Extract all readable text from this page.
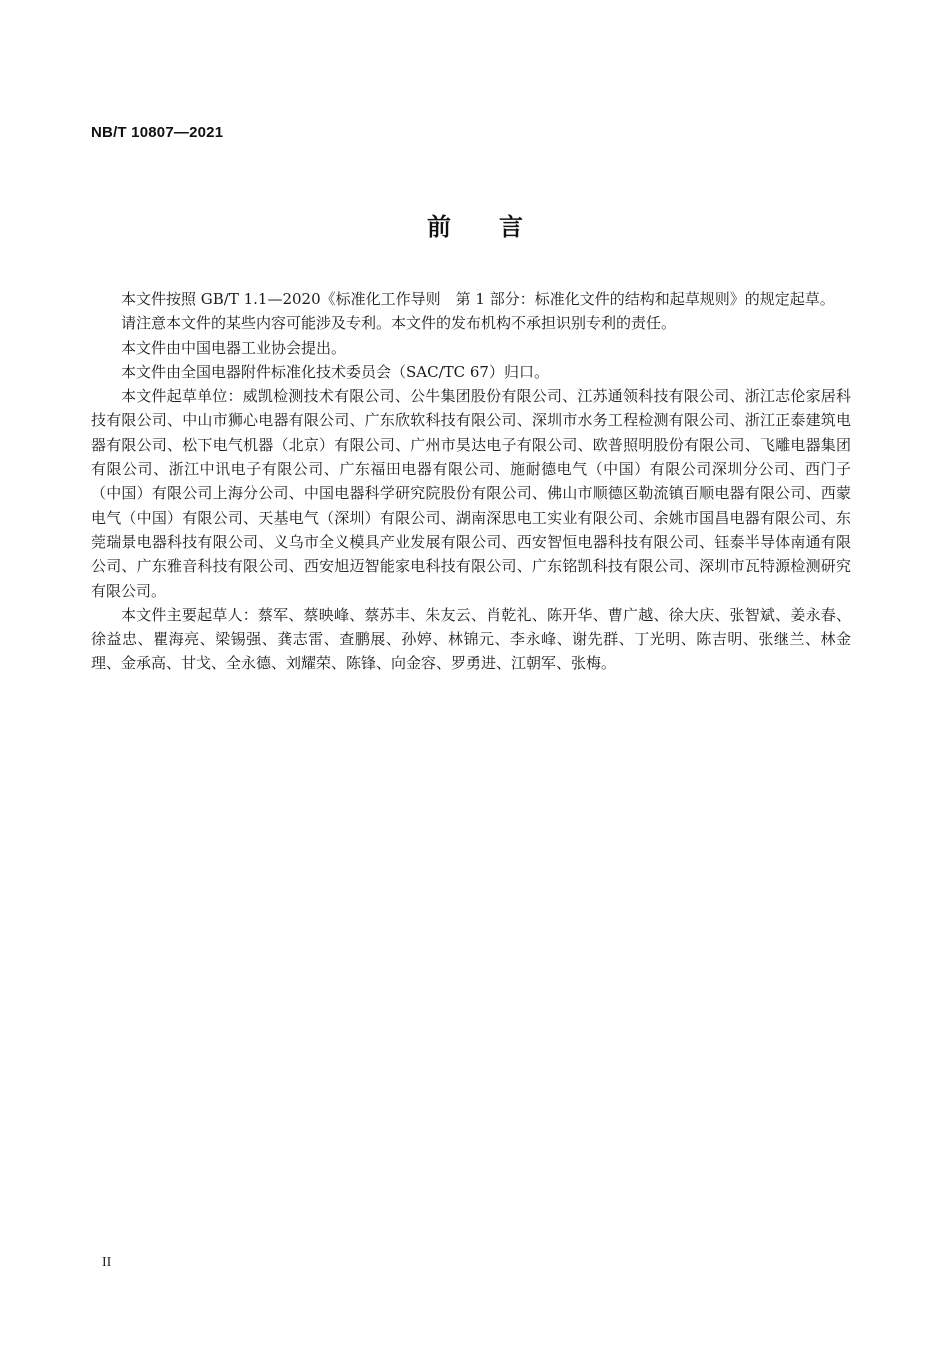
NB/T 10807—2021
前言

本文件按照 GB/T 1.1—2020《标准化工作导则　第 1 部分：标准化文件的结构和起草规则》的规定起草。

请注意本文件的某些内容可能涉及专利。本文件的发布机构不承担识别专利的责任。

本文件由中国电器工业协会提出。

本文件由全国电器附件标准化技术委员会（SAC/TC 67）归口。

本文件起草单位：威凯检测技术有限公司、公牛集团股份有限公司、江苏通领科技有限公司、浙江志伦家居科技有限公司、中山市狮心电器有限公司、广东欣软科技有限公司、深圳市水务工程检测有限公司、浙江正泰建筑电器有限公司、松下电气机器（北京）有限公司、广州市昊达电子有限公司、欧普照明股份有限公司、飞雕电器集团有限公司、浙江中讯电子有限公司、广东福田电器有限公司、施耐德电气（中国）有限公司深圳分公司、西门子（中国）有限公司上海分公司、中国电器科学研究院股份有限公司、佛山市顺德区勒流镇百顺电器有限公司、西蒙电气（中国）有限公司、天基电气（深圳）有限公司、湖南深思电工实业有限公司、余姚市国昌电器有限公司、东莞瑞景电器科技有限公司、义乌市全义模具产业发展有限公司、西安智恒电器科技有限公司、钰泰半导体南通有限公司、广东雅音科技有限公司、西安旭迈智能家电科技有限公司、广东铭凯科技有限公司、深圳市瓦特源检测研究有限公司。

本文件主要起草人：蔡军、蔡映峰、蔡苏丰、朱友云、肖乾礼、陈开华、曹广越、徐大庆、张智斌、姜永春、徐益忠、瞿海亮、梁锡强、龚志雷、查鹏展、孙婷、林锦元、李永峰、谢先群、丁光明、陈吉明、张继兰、林金理、金承高、甘戈、全永德、刘耀荣、陈锋、向金容、罗勇进、江朝军、张梅。

II
